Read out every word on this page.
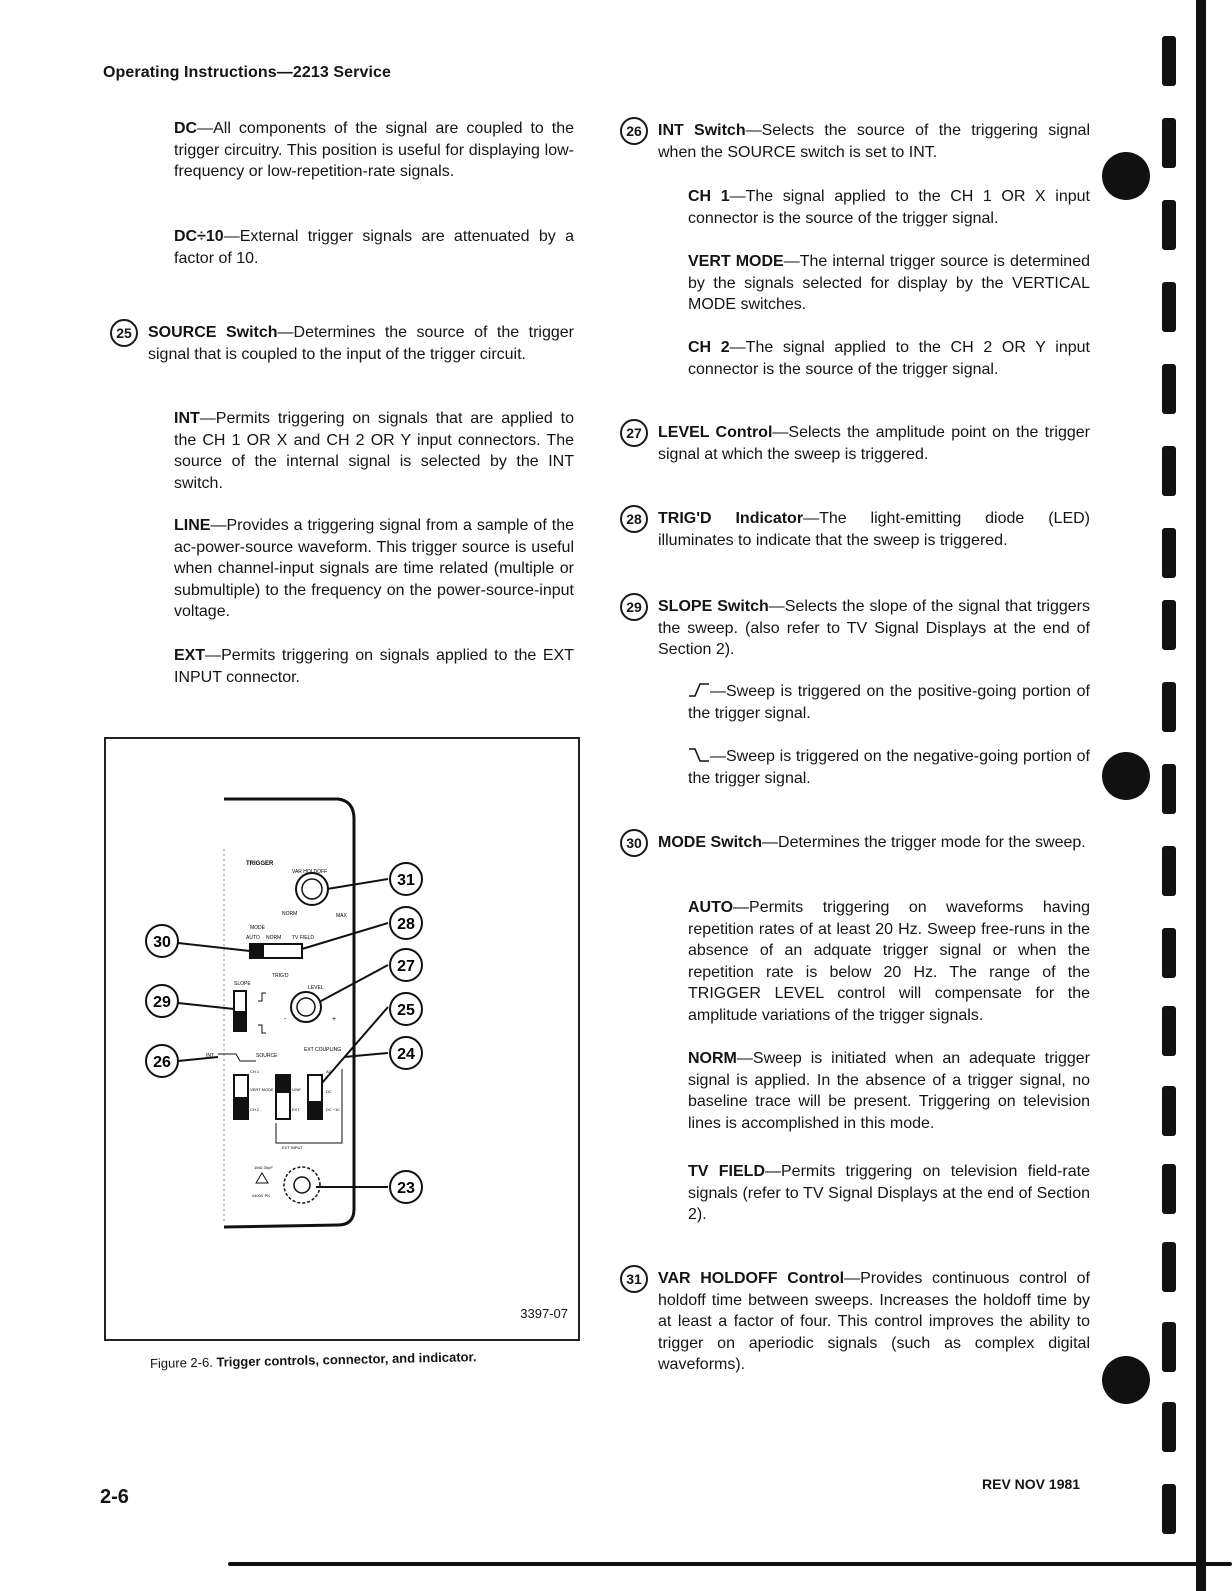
Operating Instructions—2213 Service

DC—All components of the signal are coupled to the trigger circuitry. This position is useful for displaying low-frequency or low-repetition-rate signals.

DC÷10—External trigger signals are attenuated by a factor of 10.

25	SOURCE Switch—Determines the source of the trigger signal that is coupled to the input of the trigger circuit.

INT—Permits triggering on signals that are applied to the CH 1 OR X and CH 2 OR Y input connectors. The source of the internal signal is selected by the INT switch.

LINE—Provides a triggering signal from a sample of the ac-power-source waveform. This trigger source is useful when channel-input signals are time related (multiple or submultiple) to the frequency on the power-source-input voltage.

EXT—Permits triggering on signals applied to the EXT INPUT connector.

TRIGGER
VAR HOLDOFF
NORM	MAX
MODE
AUTO NORM TV FIELD
SLOPE
TRIG'D
LEVEL
-	+
INT	SOURCE
EXT COUPLING
CH 1
VERT MODE
CH 2
LINE
EXT
AC
DC
DC ÷10
EXT INPUT
1MΩ 30pF
≤400V PK
31
28
27
25
24
23
30
29
26
3397-07
Figure 2-6. Trigger controls, connector, and indicator.
26	INT Switch—Selects the source of the triggering signal when the SOURCE switch is set to INT.

CH 1—The signal applied to the CH 1 OR X input connector is the source of the trigger signal.

VERT MODE—The internal trigger source is determined by the signals selected for display by the VERTICAL MODE switches.

CH 2—The signal applied to the CH 2 OR Y input connector is the source of the trigger signal.

27	LEVEL Control—Selects the amplitude point on the trigger signal at which the sweep is triggered.

28	TRIG'D Indicator—The light-emitting diode (LED) illuminates to indicate that the sweep is triggered.

29	SLOPE Switch—Selects the slope of the signal that triggers the sweep. (also refer to TV Signal Displays at the end of Section 2).

—Sweep is triggered on the positive-going portion of the trigger signal.

—Sweep is triggered on the negative-going portion of the trigger signal.

30	MODE Switch—Determines the trigger mode for the sweep.

AUTO—Permits triggering on waveforms having repetition rates of at least 20 Hz. Sweep free-runs in the absence of an adquate trigger signal or when the repetition rate is below 20 Hz. The range of the TRIGGER LEVEL control will compensate for the amplitude variations of the trigger signals.

NORM—Sweep is initiated when an adequate trigger signal is applied. In the absence of a trigger signal, no baseline trace will be present. Triggering on television lines is accomplished in this mode.

TV FIELD—Permits triggering on television field-rate signals (refer to TV Signal Displays at the end of Section 2).

31	VAR HOLDOFF Control—Provides continuous control of holdoff time between sweeps. Increases the holdoff time by at least a factor of four. This control improves the ability to trigger on aperiodic signals (such as complex digital waveforms).

2-6
REV NOV 1981
